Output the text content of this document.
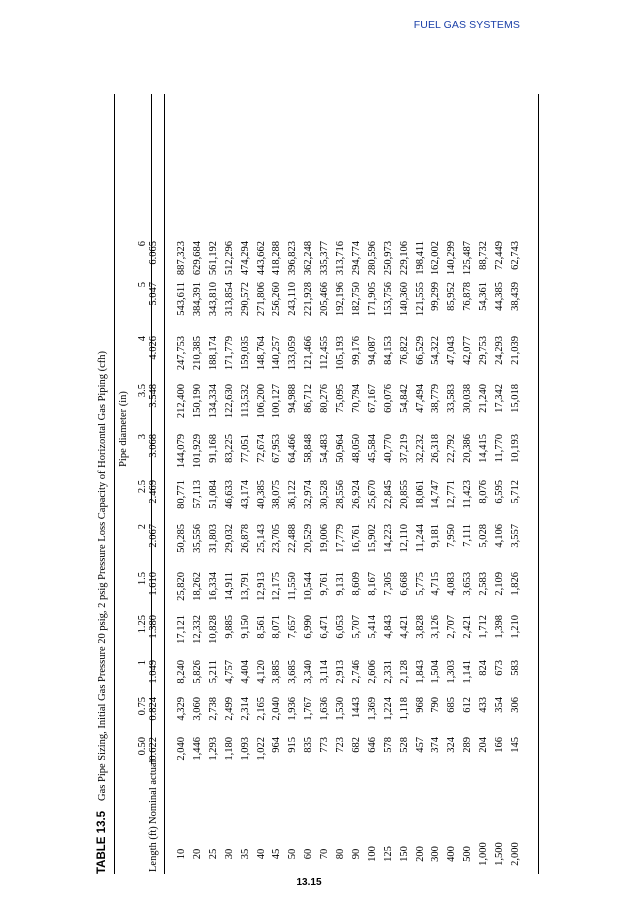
FUEL GAS SYSTEMS
TABLE 13.5Gas Pipe Sizing, Initial Gas Pressure 20 psig, 2 psig Pressure Loss Capacity of Horizontal Gas Piping (cfh) Pipe diameter (in)
Length (ft)
Nominal actual
0.50 0.622
0.75 0.824
1 1.049
1.25 1.380
1.5 1.610
2 2.067
2.5 2.469
3 3.068
3.5 3.548
4 4.026
5 5.047
6 6.065
10
2,040
4,329
8,240
17,121
25,820
50,285
80,771
144,079
212,400
247,753
543,611
887,323
20
1,446
3,060
5,826
12,332
18,262
35,556
57,113
101,929
150,190
210,385
384,391
629,684
25
1,293
2,738
5,211
10,828
16,334
31,803
51,084
91,168
134,334
188,174
343,810
561,192
30
1,180
2,499
4,757
9,885
14,911
29,032
46,633
83,225
122,630
171,779
313,854
512,296
35
1,093
2,314
4,404
9,150
13,791
26,878
43,174
77,051
113,532
159,035
290,572
474,294
40
1,022
2,165
4,120
8,561
12,913
25,143
40,385
72,674
106,200
148,764
271,806
443,662
45
964
2,040
3,885
8,071
12,175
23,705
38,075
67,953
100,127
140,257
256,260
418,288
50
915
1,936
3,685
7,657
11,550
22,488
36,122
64,466
94,988
133,059
243,110
396,823
60
835
1,767
3,340
6,990
10,544
20,529
32,974
58,848
86,712
121,466
221,928
362,248
70
773
1,636
3,114
6,471
9,761
19,006
30,528
54,483
80,276
112,455
205,466
335,377
80
723
1,530
2,913
6,053
9,131
17,779
28,556
50,964
75,095
105,193
192,196
313,716
90
682
1443
2,746
5,707
8,609
16,761
26,924
48,050
70,794
99,176
182,750
294,774
100
646
1,369
2,606
5,414
8,167
15,902
25,670
45,584
67,167
94,087
171,905
280,596
125
578
1,224
2,331
4,843
7,305
14,223
22,845
40,770
60,076
84,153
153,756
250,973
150
528
1,118
2,128
4,421
6,668
12,110
20,855
37,219
54,842
76,822
140,360
229,106
200
457
968
1,843
3,828
5,775
11,244
18,061
32,232
47,494
66,529
121,555
198,411
300
374
790
1,504
3,126
4,715
9,181
14,747
26,318
38,779
54,322
99,299
162,002
400
324
685
1,303
2,707
4,083
7,950
12,771
22,792
33,583
47,043
85,952
140,299
500
289
612
1,141
2,421
3,653
7,111
11,423
20,386
30,038
42,077
76,878
125,487
1,000
204
433
824
1,712
2,583
5,028
8,076
14,415
21,240
29,753
54,361
88,732
1,500
166
354
673
1,398
2,109
4,106
6,595
11,770
17,342
24,293
44,385
72,449
2,000
145
306
583
1,210
1,826
3,557
5,712
10,193
15,018
21,039
38,439
62,743
13.15
